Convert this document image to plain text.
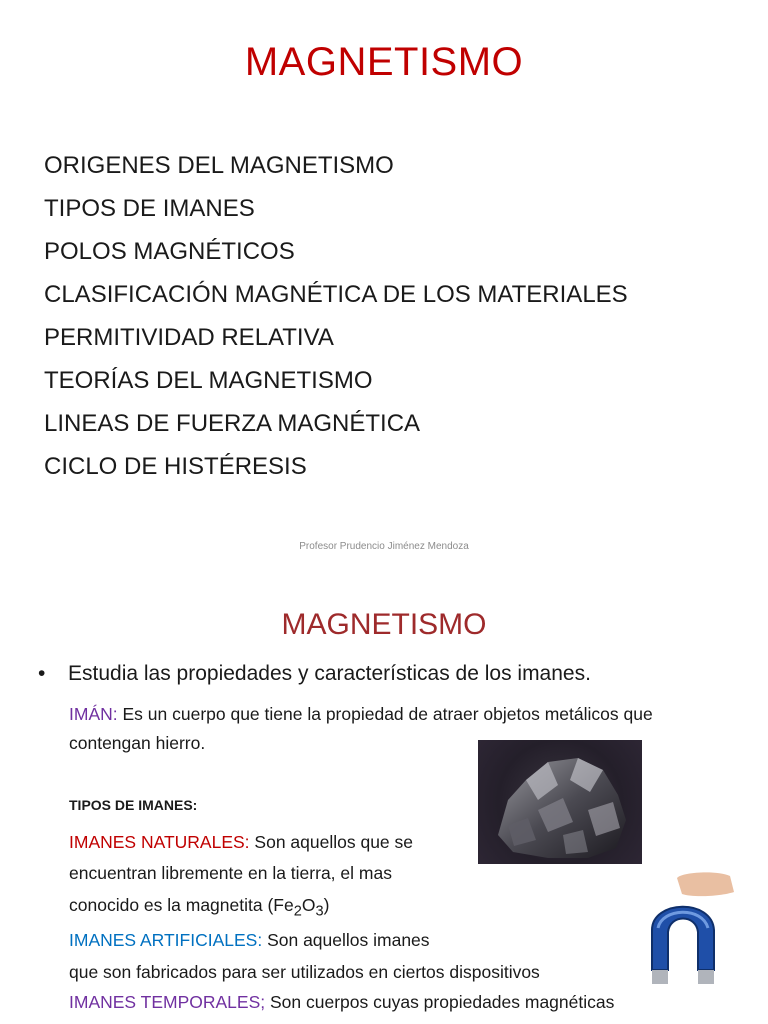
MAGNETISMO
ORIGENES DEL MAGNETISMO
TIPOS DE IMANES
POLOS MAGNÉTICOS
CLASIFICACIÓN MAGNÉTICA DE LOS MATERIALES
PERMITIVIDAD RELATIVA
TEORÍAS DEL MAGNETISMO
LINEAS DE FUERZA MAGNÉTICA
CICLO DE HISTÉRESIS
Profesor Prudencio Jiménez Mendoza
MAGNETISMO
• Estudia las propiedades y características de los imanes.
IMÁN: Es un cuerpo que tiene la propiedad de atraer objetos metálicos que
contengan hierro.
TIPOS DE IMANES:
IMANES NATURALES: Son aquellos que se
encuentran libremente en la tierra, el mas
conocido es la magnetita $(Fe_2O_3)$
IMANES ARTIFICIALES: Son aquellos imanes
que son fabricados para ser utilizados en ciertos dispositivos
IMANES TEMPORALES; Son cuerpos cuyas propiedades magnéticas
